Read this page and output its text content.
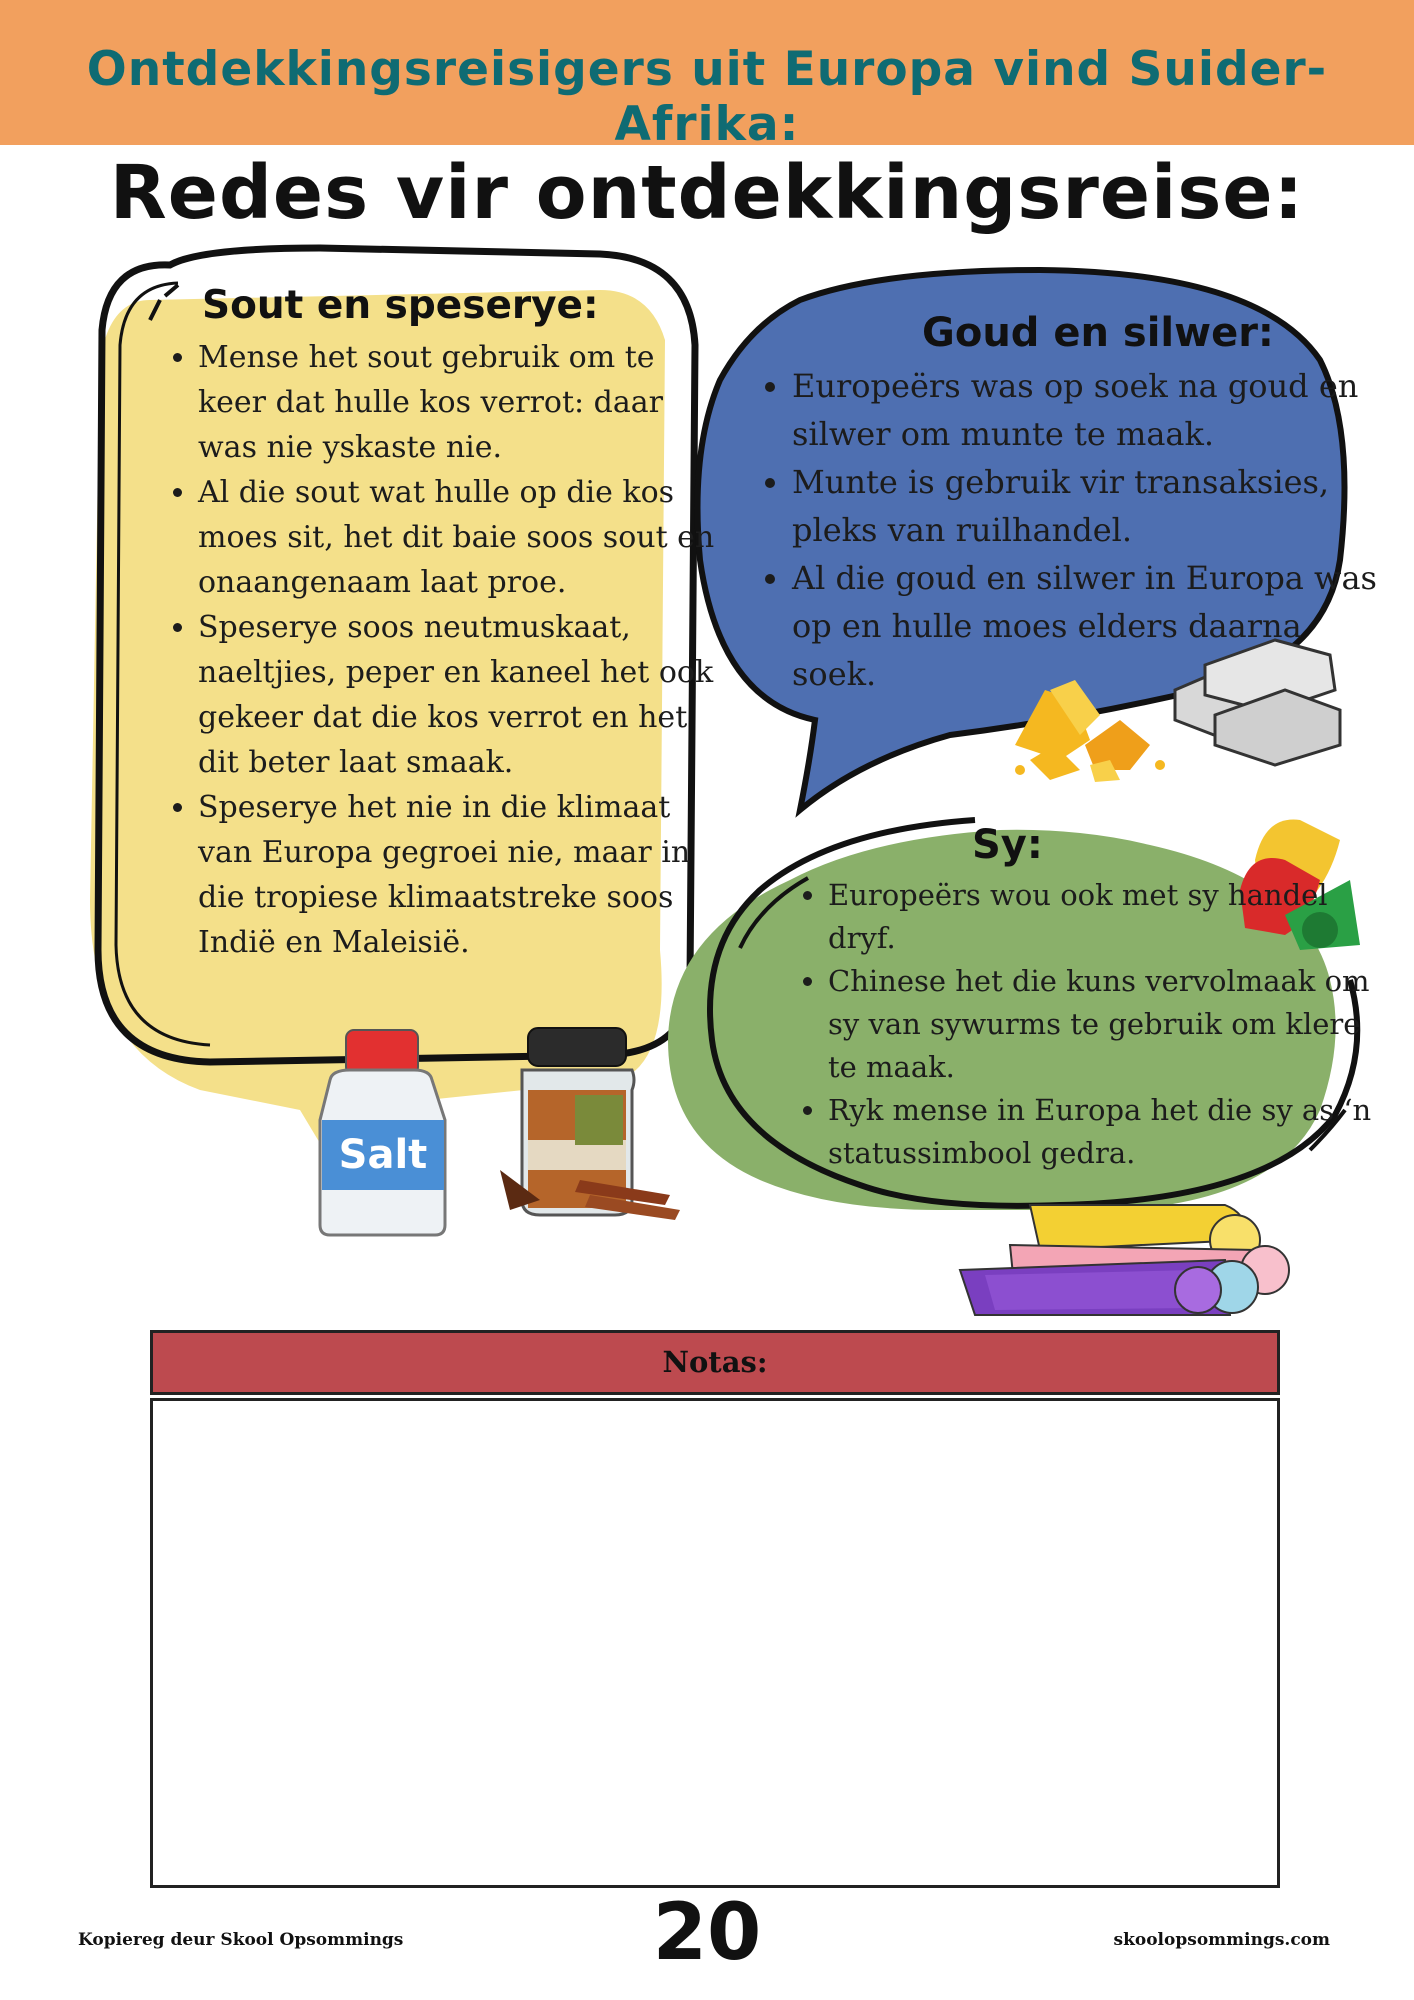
Ontdekkingsreisigers uit Europa vind Suider-Afrika:
Redes vir ontdekkingsreise:
Salt
Sout en speserye:
• Mense het sout gebruik om te keer dat hulle kos verrot: daar was nie yskaste nie.
• Al die sout wat hulle op die kos moes sit, het dit baie soos sout en onaangenaam laat proe.
• Speserye soos neutmuskaat, naeltjies, peper en kaneel het ook gekeer dat die kos verrot en het dit beter laat smaak.
• Speserye het nie in die klimaat van Europa gegroei nie, maar in die tropiese klimaatstreke soos Indië en Maleisië.
Goud en silwer:
• Europeërs was op soek na goud en silwer om munte te maak.
• Munte is gebruik vir transaksies, pleks van ruilhandel.
• Al die goud en silwer in Europa was op en hulle moes elders daarna soek.
Sy:
• Europeërs wou ook met sy handel dryf.
• Chinese het die kuns vervolmaak om sy van sywurms te gebruik om klere te maak.
• Ryk mense in Europa het die sy as ‘n statussimbool gedra.
Notas:
Kopiereg deur Skool Opsommings	20	skoolopsommings.com
